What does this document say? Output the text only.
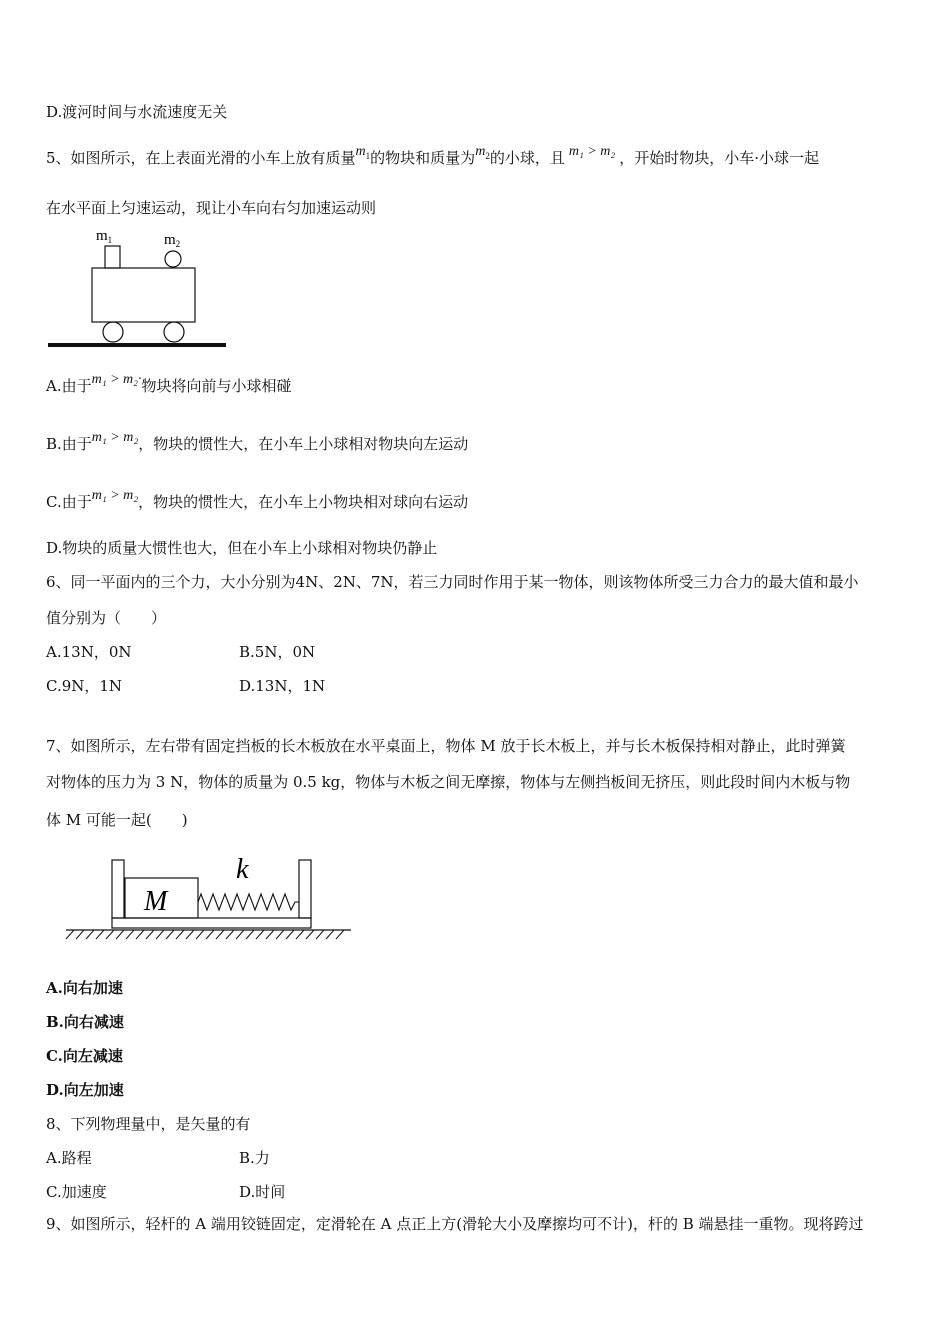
D.渡河时间与水流速度无关
5、如图所示，在上表面光滑的小车上放有质量$m_1$的物块和质量为$m_2$的小球，且 m₁ > m₂ ，开始时物块，小车·小球一起
在水平面上匀速运动，现让小车向右匀加速运动则
$m_1$	$m_2$
A.由于m₁ > m₂·物块将向前与小球相碰
B.由于m₁ > m₂，物块的惯性大，在小车上小球相对物块向左运动
C.由于m₁ > m₂，物块的惯性大，在小车上小物块相对球向右运动
D.物块的质量大惯性也大，但在小车上小球相对物块仍静止
6、同一平面内的三个力，大小分别为4N、2N、7N，若三力同时作用于某一物体，则该物体所受三力合力的最大值和最小
值分别为（　　）
A.13N，0N	B.5N，0N
C.9N，1N	D.13N，1N
7、如图所示，左右带有固定挡板的长木板放在水平桌面上，物体 M 放于长木板上，并与长木板保持相对静止，此时弹簧
对物体的压力为 3 N，物体的质量为 0.5 kg，物体与木板之间无摩擦，物体与左侧挡板间无挤压，则此段时间内木板与物
体 M 可能一起(　　)
M
k
A.向右加速
B.向右减速
C.向左减速
D.向左加速
8、下列物理量中，是矢量的有
A.路程	B.力
C.加速度	D.时间
9、如图所示，轻杆的 A 端用铰链固定，定滑轮在 A 点正上方(滑轮大小及摩擦均可不计)，杆的 B 端悬挂一重物。现将跨过
